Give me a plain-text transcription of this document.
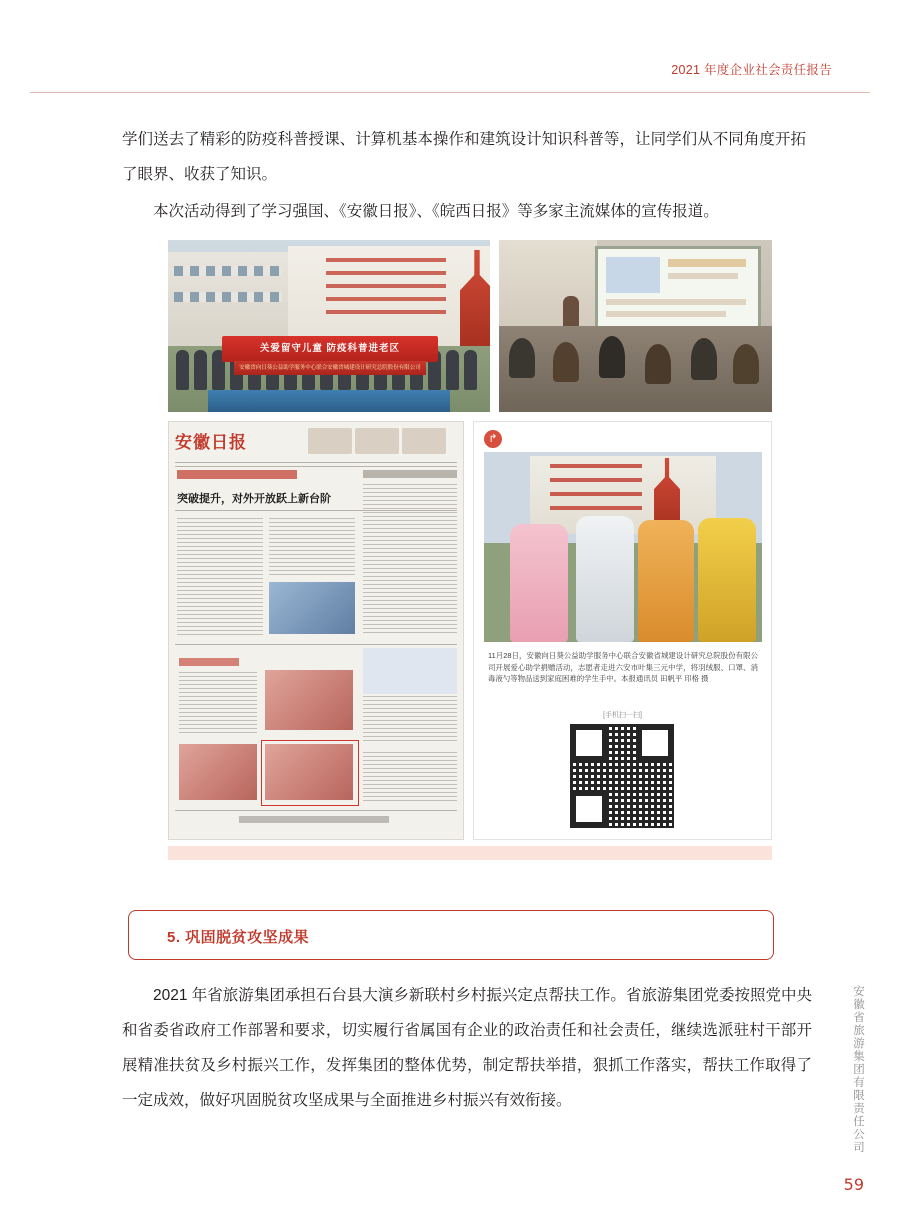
2021 年度企业社会责任报告

学们送去了精彩的防疫科普授课、计算机基本操作和建筑设计知识科普等，让同学们从不同角度开拓了眼界、收获了知识。

本次活动得到了学习强国、《安徽日报》、《皖西日报》等多家主流媒体的宣传报道。

关爱留守儿童 防疫科普进老区
安徽省向日葵公益助学服务中心联合安徽省城建设计研究总院股份有限公司
安徽日报
突破提升，对外开放跃上新台阶
↱
11月28日，安徽向日葵公益助学服务中心联合安徽省城建设计研究总院股份有限公司开展爱心助学捐赠活动，志愿者走进六安市叶集三元中学，将羽绒服、口罩、消毒液勺等物品送到家庭困难的学生手中。本报通讯员 田帆平 印格 摄
[手机扫一扫]
5. 巩固脱贫攻坚成果

2021 年省旅游集团承担石台县大演乡新联村乡村振兴定点帮扶工作。省旅游集团党委按照党中央和省委省政府工作部署和要求，切实履行省属国有企业的政治责任和社会责任，继续选派驻村干部开展精准扶贫及乡村振兴工作，发挥集团的整体优势，制定帮扶举措，狠抓工作落实，帮扶工作取得了一定成效，做好巩固脱贫攻坚成果与全面推进乡村振兴有效衔接。	安徽省旅游集团有限责任公司
59
